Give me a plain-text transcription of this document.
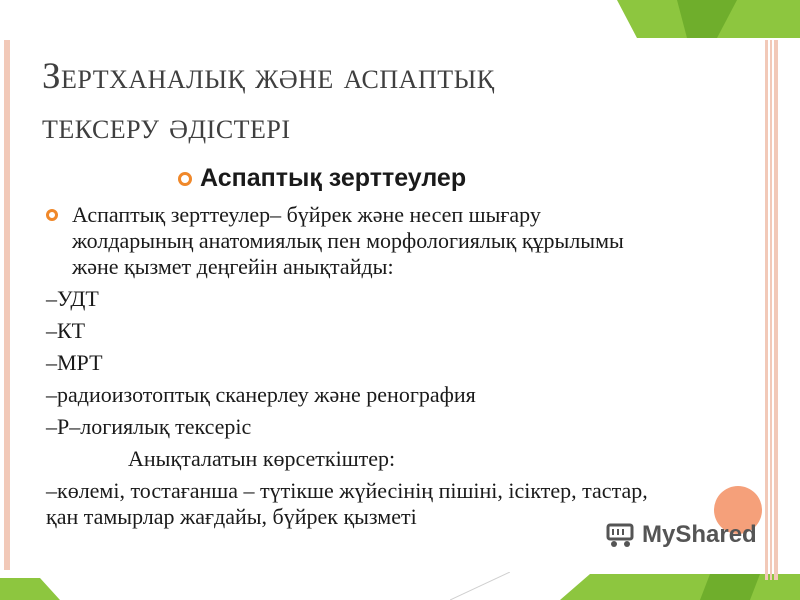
Зертханалық және аспаптық
тексеру әдістері
Аспаптық зерттеулер
Аспаптық зерттеулер– бүйрек және несеп шығару жолдарының анатомиялық пен морфологиялық құрылымы және қызмет деңгейін анықтайды:
–УДТ
–КТ
–МРТ
–радиоизотоптық сканерлеу және ренография
–Р–логиялық тексеріс
Анықталатын көрсеткіштер:
–көлемі, тостағанша – түтікше жүйесінің пішіні, ісіктер, тастар, қан тамырлар жағдайы, бүйрек қызметі
MyShared
